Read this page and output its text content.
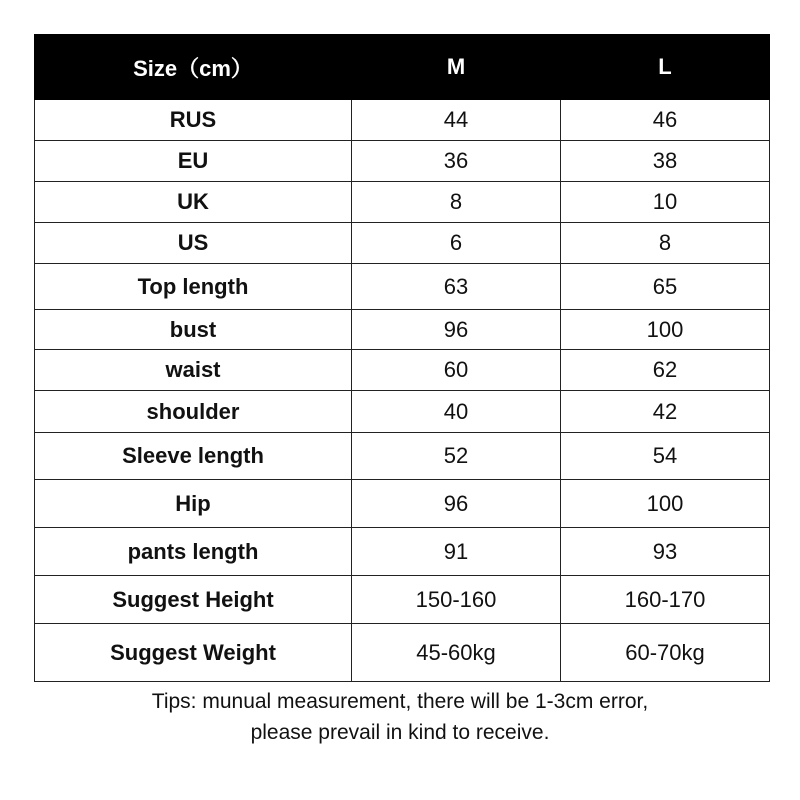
Size（cm）	M	L
RUS	44	46
EU	36	38
UK	8	10
US	6	8
Top length	63	65
bust	96	100
waist	60	62
shoulder	40	42
Sleeve length	52	54
Hip	96	100
pants length	91	93
Suggest Height	150-160	160-170
Suggest Weight	45-60kg	60-70kg
Tips: munual measurement, there will be 1-3cm error,
please prevail in kind to receive.
